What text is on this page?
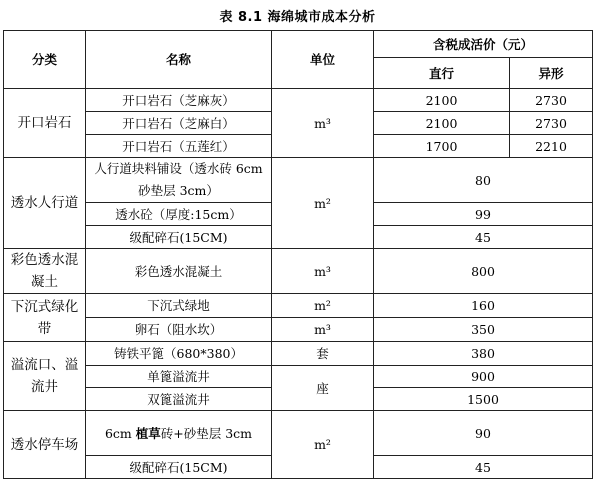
表 8.1 海绵城市成本分析
分类	名称	单位	含税成活价（元）	
			直行	异形
开口岩石	开口岩石（芝麻灰）	m³	2100	2730
	开口岩石（芝麻白）		2100	2730
	开口岩石（五莲红）		1700	2210
透水人行道	人行道块料铺设（透水砖 6cm 砂垫层 3cm）	m²	80	
	透水砼（厚度:15cm）		99	
	级配碎石(15CM)		45	
彩色透水混凝土	彩色透水混凝土	m³	800	
下沉式绿化带	下沉式绿地	m²	160	
	卵石（阻水坎）	m³	350	
溢流口、溢流井	铸铁平篦（680*380）	套	380	
	单篦溢流井	座	900	
	双篦溢流井		1500	
透水停车场	6cm 植草砖+砂垫层 3cm	m²	90	
	级配碎石(15CM)		45	
